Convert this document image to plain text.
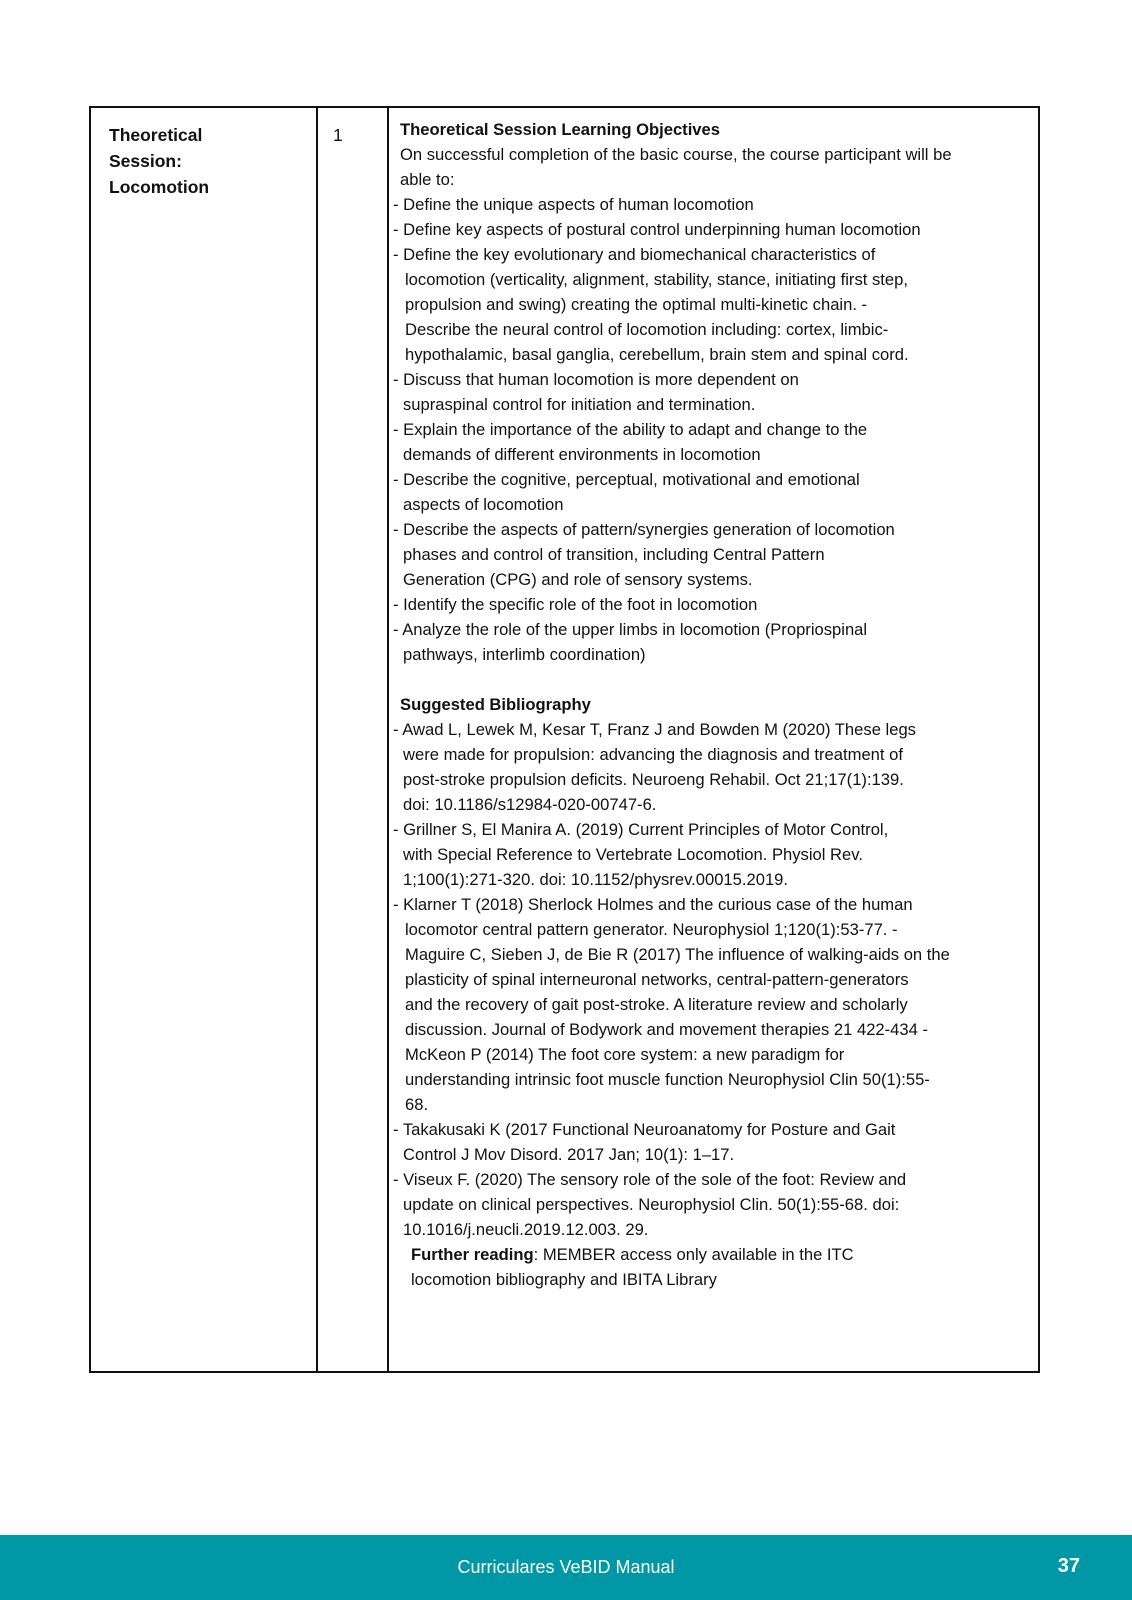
Theoretical
Session:
Locomotion
1	Theoretical Session Learning Objectives
On successful completion of the basic course, the course participant will be
able to:
- Define the unique aspects of human locomotion
- Define key aspects of postural control underpinning human locomotion
- Define the key evolutionary and biomechanical characteristics of
locomotion (verticality, alignment, stability, stance, initiating first step,
propulsion and swing) creating the optimal multi-kinetic chain. -
Describe the neural control of locomotion including: cortex, limbic-
hypothalamic, basal ganglia, cerebellum, brain stem and spinal cord.
- Discuss that human locomotion is more dependent on
supraspinal control for initiation and termination.
- Explain the importance of the ability to adapt and change to the
demands of different environments in locomotion
- Describe the cognitive, perceptual, motivational and emotional
aspects of locomotion
- Describe the aspects of pattern/synergies generation of locomotion
phases and control of transition, including Central Pattern
Generation (CPG) and role of sensory systems.
- Identify the specific role of the foot in locomotion
- Analyze the role of the upper limbs in locomotion (Propriospinal
pathways, interlimb coordination)
Suggested Bibliography
- Awad L, Lewek M, Kesar T, Franz J and Bowden M (2020) These legs
were made for propulsion: advancing the diagnosis and treatment of
post-stroke propulsion deficits. Neuroeng Rehabil. Oct 21;17(1):139.
doi: 10.1186/s12984-020-00747-6.
- Grillner S, El Manira A. (2019) Current Principles of Motor Control,
with Special Reference to Vertebrate Locomotion. Physiol Rev.
1;100(1):271-320. doi: 10.1152/physrev.00015.2019.
- Klarner T (2018) Sherlock Holmes and the curious case of the human
locomotor central pattern generator. Neurophysiol 1;120(1):53-77. -
Maguire C, Sieben J, de Bie R (2017) The influence of walking-aids on the
plasticity of spinal interneuronal networks, central-pattern-generators
and the recovery of gait post-stroke. A literature review and scholarly
discussion. Journal of Bodywork and movement therapies 21 422-434 -
McKeon P (2014) The foot core system: a new paradigm for
understanding intrinsic foot muscle function Neurophysiol Clin 50(1):55-
68.
- Takakusaki K (2017 Functional Neuroanatomy for Posture and Gait
Control J Mov Disord. 2017 Jan; 10(1): 1–17.
- Viseux F. (2020) The sensory role of the sole of the foot: Review and
update on clinical perspectives. Neurophysiol Clin. 50(1):55-68. doi:
10.1016/j.neucli.2019.12.003. 29.
Further reading: MEMBER access only available in the ITC
locomotion bibliography and IBITA Library
Curriculares VeBID Manual	37
